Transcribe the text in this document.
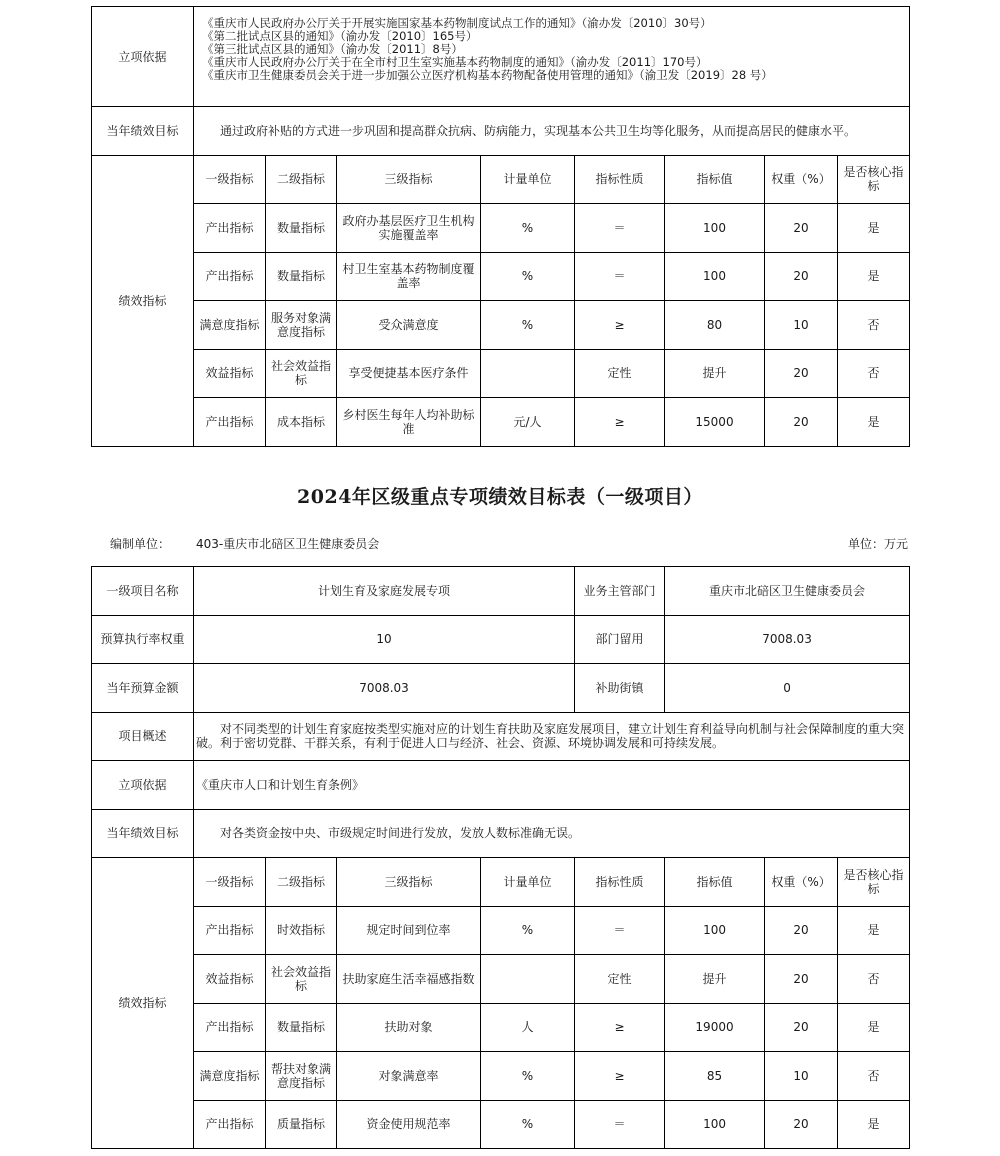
立项依据	《重庆市人民政府办公厅关于开展实施国家基本药物制度试点工作的通知》（渝办发〔2010〕30号）
《第二批试点区县的通知》（渝办发〔2010〕165号）
《第三批试点区县的通知》（渝办发〔2011〕8号）
《重庆市人民政府办公厅关于在全市村卫生室实施基本药物制度的通知》（渝办发〔2011〕170号）
《重庆市卫生健康委员会关于进一步加强公立医疗机构基本药物配备使用管理的通知》（渝卫发〔2019〕28 号）							

当年绩效目标	通过政府补贴的方式进一步巩固和提高群众抗病、防病能力，实现基本公共卫生均等化服务，从而提高居民的健康水平。							
绩效指标	一级指标	二级指标	三级指标	计量单位	指标性质	指标值	权重（%）	是否核心指标
	产出指标	数量指标	政府办基层医疗卫生机构实施覆盖率	%	＝	100	20	是
	产出指标	数量指标	村卫生室基本药物制度覆盖率	%	＝	100	20	是
	满意度指标	服务对象满意度指标	受众满意度	%	≥	80	10	否
	效益指标	社会效益指标	享受便捷基本医疗条件		定性	提升	20	否
	产出指标	成本指标	乡村医生每年人均补助标准	元/人	≥	15000	20	是
2024年区级重点专项绩效目标表（一级项目）
编制单位： 403-重庆市北碚区卫生健康委员会	单位：万元
一级项目名称	计划生育及家庭发展专项				业务主管部门	重庆市北碚区卫生健康委员会		
预算执行率权重	10				部门留用	7008.03		
当年预算金额	7008.03				补助街镇	0		
项目概述	对不同类型的计划生育家庭按类型实施对应的计划生育扶助及家庭发展项目，建立计划生育利益导向机制与社会保障制度的重大突破。利于密切党群、干群关系，有利于促进人口与经济、社会、资源、环境协调发展和可持续发展。							
立项依据	《重庆市人口和计划生育条例》							
当年绩效目标	对各类资金按中央、市级规定时间进行发放，发放人数标准确无误。							
绩效指标	一级指标	二级指标	三级指标	计量单位	指标性质	指标值	权重（%）	是否核心指标
	产出指标	时效指标	规定时间到位率	%	＝	100	20	是
	效益指标	社会效益指标	扶助家庭生活幸福感指数		定性	提升	20	否
	产出指标	数量指标	扶助对象	人	≥	19000	20	是
	满意度指标	帮扶对象满意度指标	对象满意率	%	≥	85	10	否
	产出指标	质量指标	资金使用规范率	%	＝	100	20	是
